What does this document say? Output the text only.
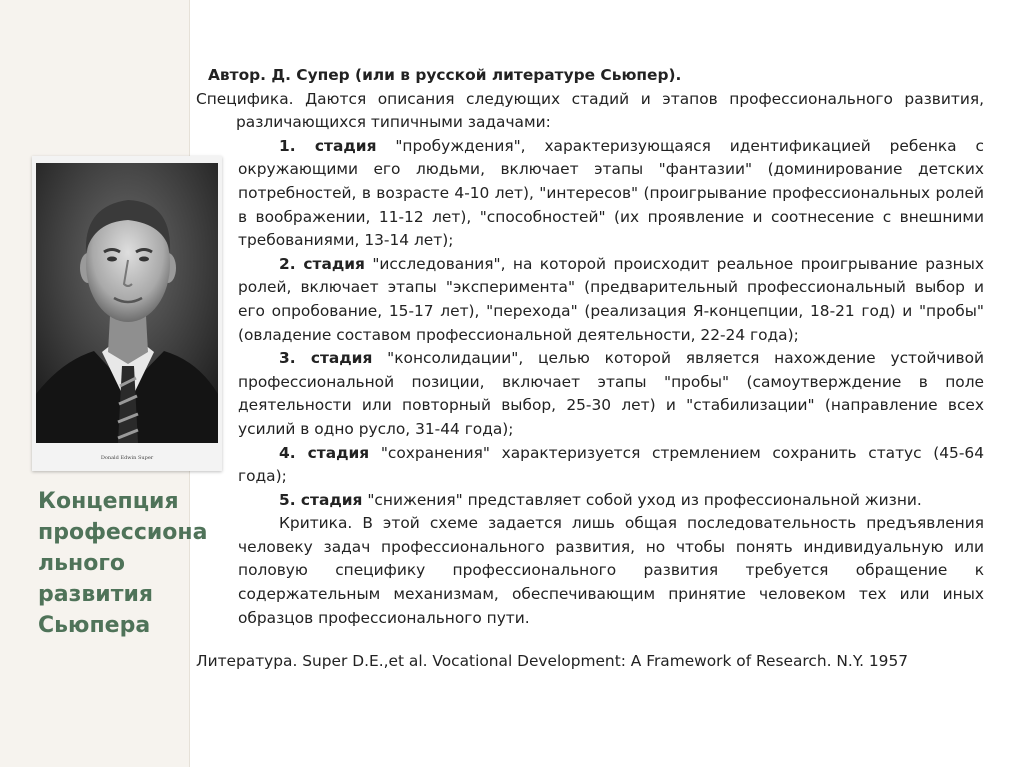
Donald Edwin Super
Концепция профессиона льного развития Сьюпера

Автор. Д. Супер (или в русской литературе Сьюпер).

Специфика. Даются описания следующих стадий и этапов профессионального развития, различающихся типичными задачами:

1. стадия "пробуждения", характеризующаяся идентификацией ребенка с окружающими его людьми, включает этапы "фантазии" (доминирование детских потребностей, в возрасте 4-10 лет), "интересов" (проигрывание профессиональных ролей в воображении, 11-12 лет), "способностей" (их проявление и соотнесение с внешними требованиями, 13-14 лет);

2. стадия "исследования", на которой происходит реальное проигрывание разных ролей, включает этапы "эксперимента" (предварительный профессиональный выбор и его опробование, 15-17 лет), "перехода" (реализация Я-концепции, 18-21 год) и "пробы" (овладение составом профессиональной деятельности, 22-24 года);

3. стадия "консолидации", целью которой является нахождение устойчивой профессиональной позиции, включает этапы "пробы" (самоутверждение в поле деятельности или повторный выбор, 25-30 лет) и "стабилизации" (направление всех усилий в одно русло, 31-44 года);

4. стадия "сохранения" характеризуется стремлением сохранить статус (45-64 года);

5. стадия "снижения" представляет собой уход из профессиональной жизни.

Критика. В этой схеме задается лишь общая последовательность предъявления человеку задач профессионального развития, но чтобы понять индивидуальную или половую специфику профессионального развития требуется обращение к содержательным механизмам, обеспечивающим принятие человеком тех или иных образцов профессионального пути.

Литература. Super D.E.,et al. Vocational Development: A Framework of Research. N.Y. 1957
